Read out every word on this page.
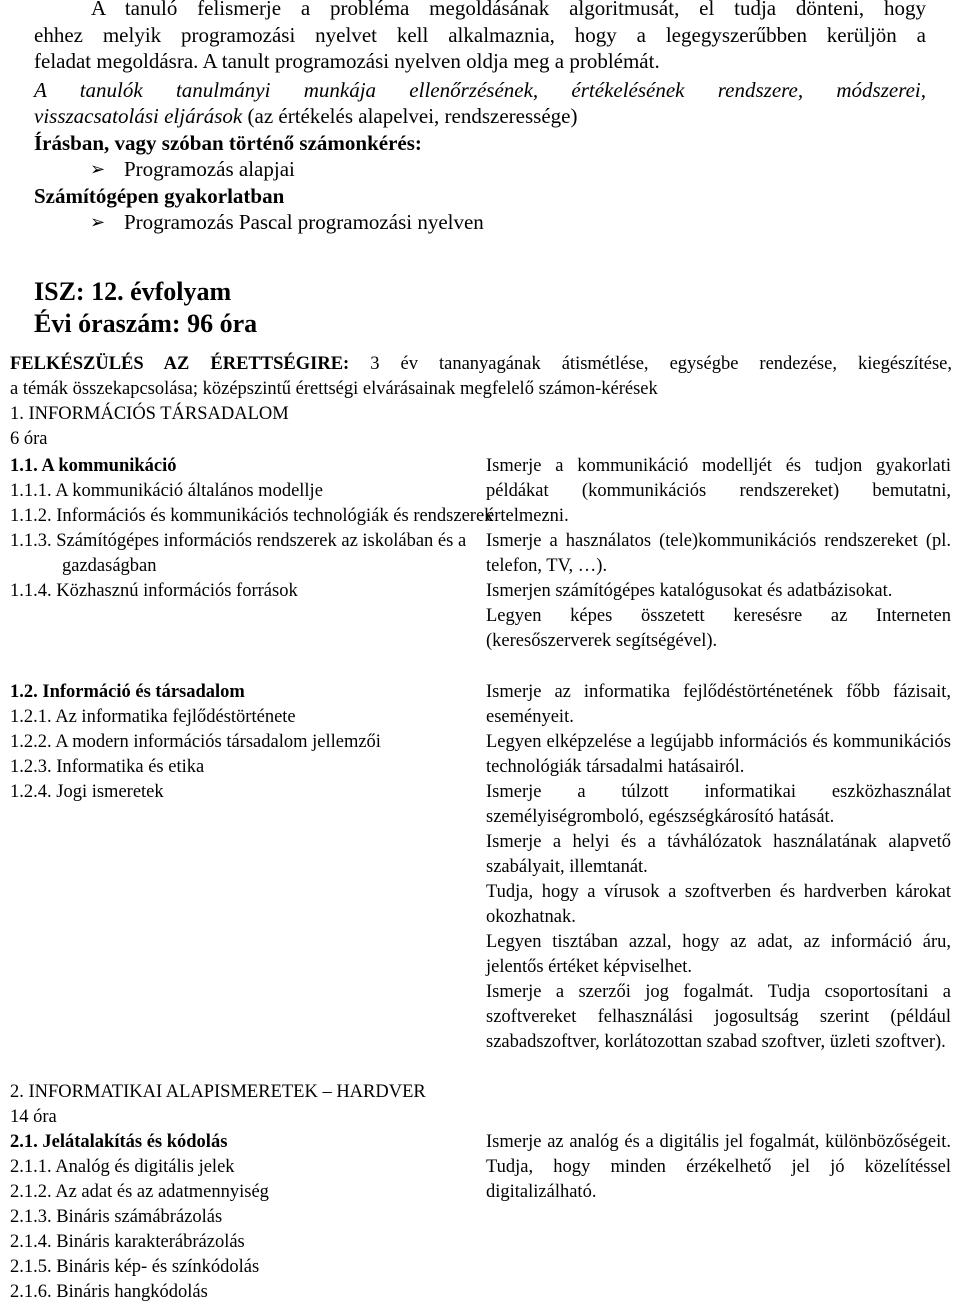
A tanuló felismerje a probléma megoldásának algoritmusát, el tudja dönteni, hogy
ehhez melyik programozási nyelvet kell alkalmaznia, hogy a legegyszerűbben kerüljön a
feladat megoldásra. A tanult programozási nyelven oldja meg a problémát.
A tanulók tanulmányi munkája ellenőrzésének, értékelésének rendszere, módszerei,
visszacsatolási eljárások (az értékelés alapelvei, rendszeressége)
Írásban, vagy szóban történő számonkérés:
➢ Programozás alapjai
Számítógépen gyakorlatban
➢ Programozás Pascal programozási nyelven
ISZ: 12. évfolyam
Évi óraszám: 96 óra
FELKÉSZÜLÉS AZ ÉRETTSÉGIRE: 3 év tananyagának átismétlése, egységbe rendezése, kiegészítése,
a témák összekapcsolása; középszintű érettségi elvárásainak megfelelő számon-kérések
1. INFORMÁCIÓS TÁRSADALOM
6 óra
1.1. A kommunikáció
1.1.1. A kommunikáció általános modellje
1.1.2. Információs és kommunikációs technológiák és rendszerek
1.1.3. Számítógépes információs rendszerek az iskolában és a gazdaságban
1.1.4. Közhasznú információs források
Ismerje a kommunikáció modelljét és tudjon gyakorlati példákat (kommunikációs rendszereket) bemutatni, értelmezni.
Ismerje a használatos (tele)kommunikációs rendszereket (pl. telefon, TV, …).
Ismerjen számítógépes katalógusokat és adatbázisokat.
Legyen képes összetett keresésre az Interneten (keresőszerverek segítségével).
1.2. Információ és társadalom
1.2.1. Az informatika fejlődéstörténete
1.2.2. A modern információs társadalom jellemzői
1.2.3. Informatika és etika
1.2.4. Jogi ismeretek
Ismerje az informatika fejlődéstörténetének főbb fázisait, eseményeit.
Legyen elképzelése a legújabb információs és kommunikációs technológiák társadalmi hatásairól.
Ismerje a túlzott informatikai eszközhasználat személyiségromboló, egészségkárosító hatását.
Ismerje a helyi és a távhálózatok használatának alapvető szabályait, illemtanát.
Tudja, hogy a vírusok a szoftverben és hardverben károkat okozhatnak.
Legyen tisztában azzal, hogy az adat, az információ áru, jelentős értéket képviselhet.
Ismerje a szerzői jog fogalmát. Tudja csoportosítani a szoftvereket felhasználási jogosultság szerint (például szabadszoftver, korlátozottan szabad szoftver, üzleti szoftver).
2. INFORMATIKAI ALAPISMERETEK – HARDVER
14 óra
2.1. Jelátalakítás és kódolás
2.1.1. Analóg és digitális jelek
2.1.2. Az adat és az adatmennyiség
2.1.3. Bináris számábrázolás
2.1.4. Bináris karakterábrázolás
2.1.5. Bináris kép- és színkódolás
2.1.6. Bináris hangkódolás
Ismerje az analóg és a digitális jel fogalmát, különbözőségeit. Tudja, hogy minden érzékelhető jel jó közelítéssel digitalizálható.
